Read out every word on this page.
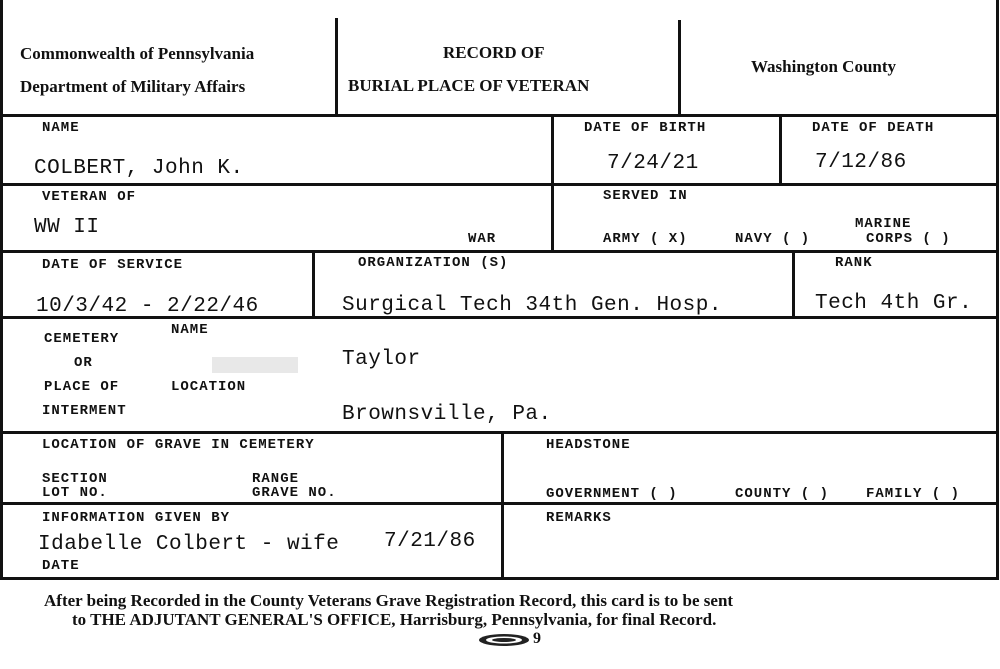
Commonwealth of Pennsylvania
Department of Military Affairs
RECORD OF
BURIAL PLACE OF VETERAN
Washington County
NAME
COLBERT, John K.
DATE OF BIRTH
7/24/21
DATE OF DEATH
7/12/86
VETERAN OF
WW II	WAR
SERVED IN
ARMY ( X)	NAVY ( )
MARINE
CORPS ( )
DATE OF SERVICE
10/3/42 - 2/22/46
ORGANIZATION (S)
Surgical Tech 34th Gen. Hosp.
RANK
Tech 4th Gr.
CEMETERY
OR
PLACE OF
INTERMENT
NAME
Taylor
LOCATION
Brownsville, Pa.
LOCATION OF GRAVE IN CEMETERY
SECTION
LOT NO.
RANGE
GRAVE NO.
HEADSTONE
GOVERNMENT ( )	COUNTY ( )	FAMILY ( )
INFORMATION GIVEN BY
Idabelle Colbert - wife 7/21/86
DATE
REMARKS
After being Recorded in the County Veterans Grave Registration Record, this card is to be sent
to THE ADJUTANT GENERAL'S OFFICE, Harrisburg, Pennsylvania, for final Record.
9
